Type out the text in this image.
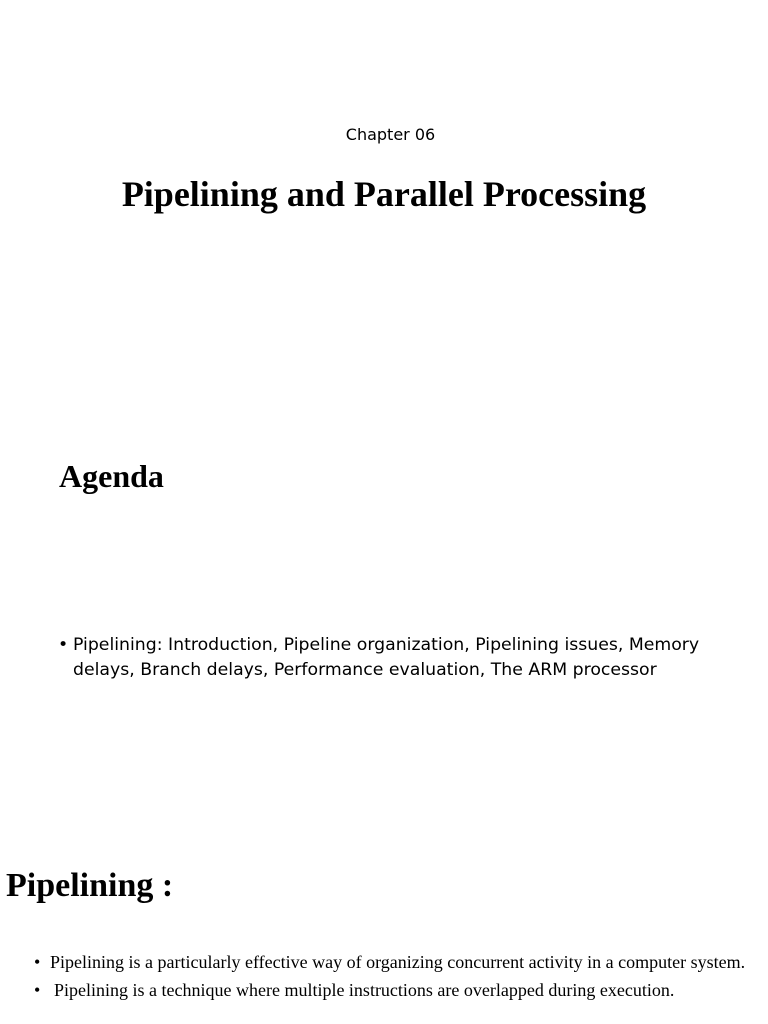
Chapter 06
Pipelining and Parallel Processing
Agenda
• Pipelining: Introduction, Pipeline organization, Pipelining issues, Memory delays, Branch delays, Performance evaluation, The ARM processor
Pipelining :
• Pipelining is a particularly effective way of organizing concurrent activity in a computer system.
• Pipelining is a technique where multiple instructions are overlapped during execution.
